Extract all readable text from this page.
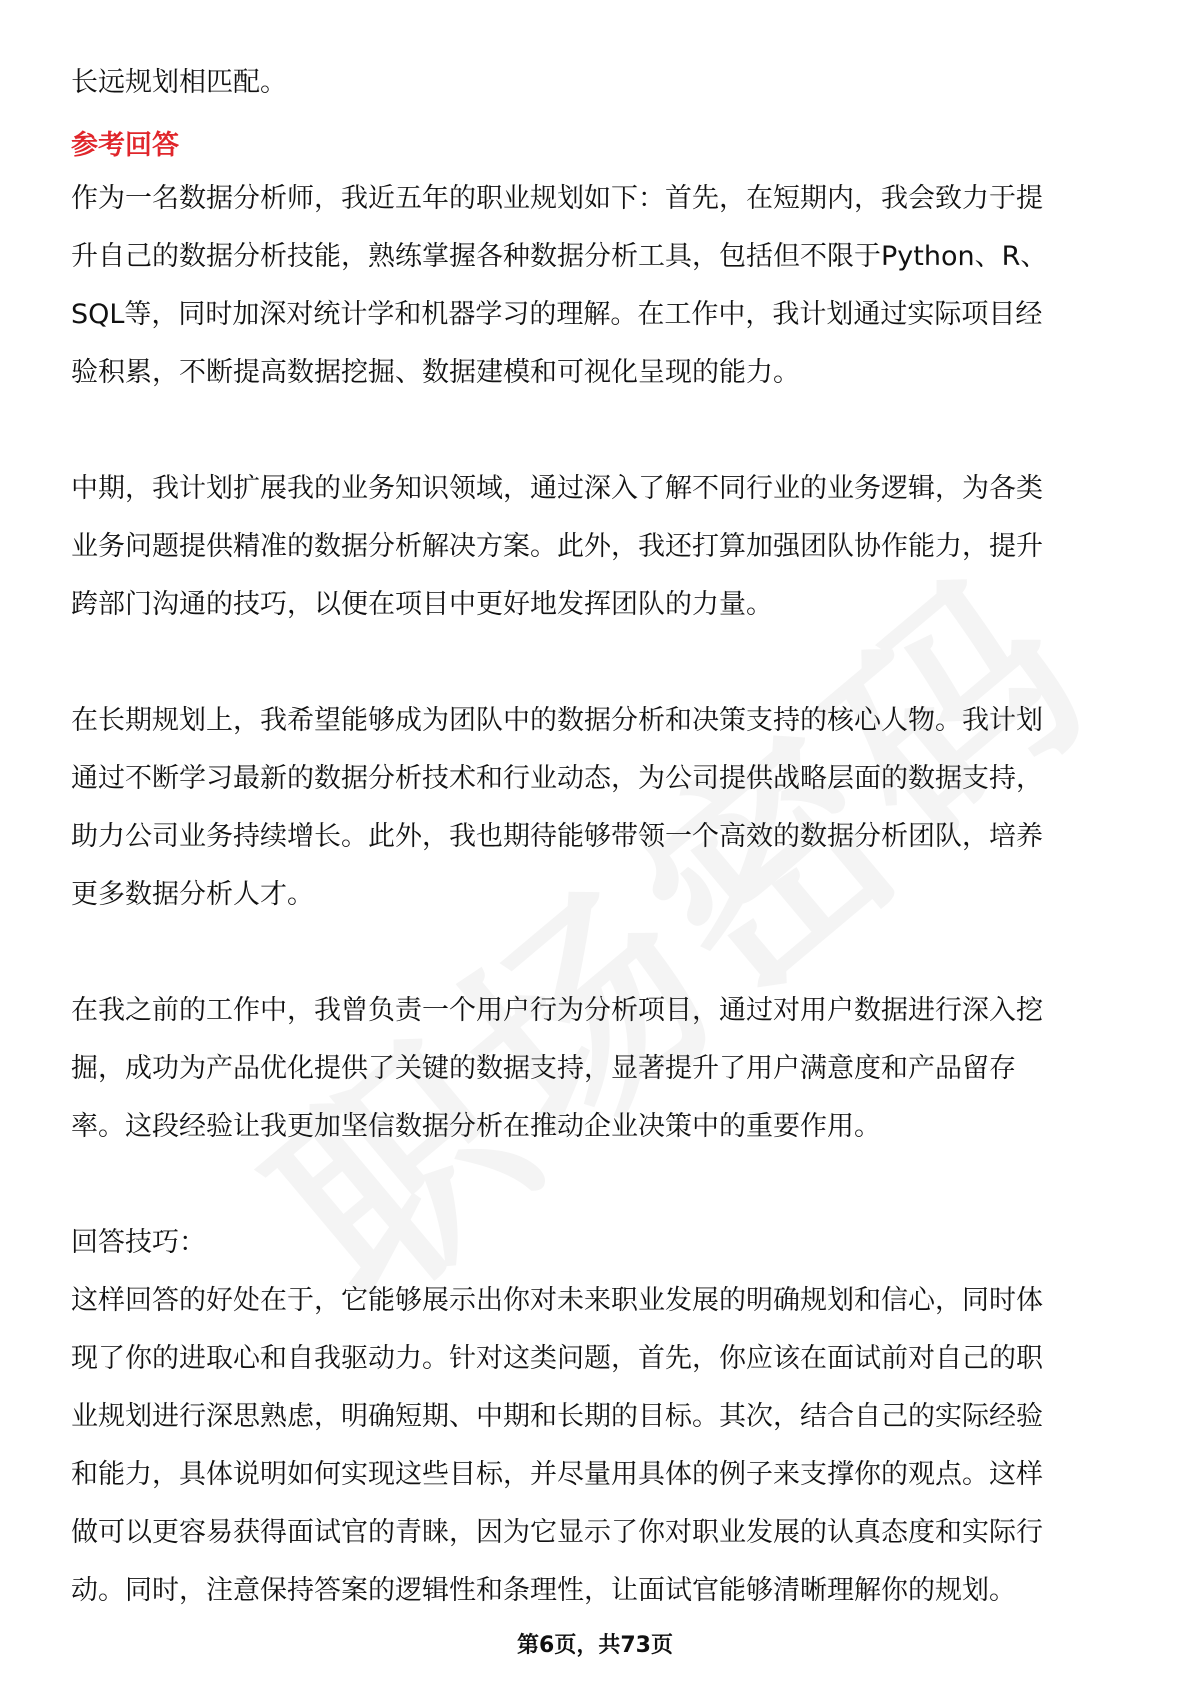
长远规划相匹配。
参考回答
作为一名数据分析师，我近五年的职业规划如下：首先，在短期内，我会致力于提
升自己的数据分析技能，熟练掌握各种数据分析工具，包括但不限于Python、R、
SQL等，同时加深对统计学和机器学习的理解。在工作中，我计划通过实际项目经
验积累，不断提高数据挖掘、数据建模和可视化呈现的能力。
中期，我计划扩展我的业务知识领域，通过深入了解不同行业的业务逻辑，为各类
业务问题提供精准的数据分析解决方案。此外，我还打算加强团队协作能力，提升
跨部门沟通的技巧，以便在项目中更好地发挥团队的力量。
在长期规划上，我希望能够成为团队中的数据分析和决策支持的核心人物。我计划
通过不断学习最新的数据分析技术和行业动态，为公司提供战略层面的数据支持，
助力公司业务持续增长。此外，我也期待能够带领一个高效的数据分析团队，培养
更多数据分析人才。
在我之前的工作中，我曾负责一个用户行为分析项目，通过对用户数据进行深入挖
掘，成功为产品优化提供了关键的数据支持，显著提升了用户满意度和产品留存
率。这段经验让我更加坚信数据分析在推动企业决策中的重要作用。
回答技巧：
这样回答的好处在于，它能够展示出你对未来职业发展的明确规划和信心，同时体
现了你的进取心和自我驱动力。针对这类问题，首先，你应该在面试前对自己的职
业规划进行深思熟虑，明确短期、中期和长期的目标。其次，结合自己的实际经验
和能力，具体说明如何实现这些目标，并尽量用具体的例子来支撑你的观点。这样
做可以更容易获得面试官的青睐，因为它显示了你对职业发展的认真态度和实际行
动。同时，注意保持答案的逻辑性和条理性，让面试官能够清晰理解你的规划。
第6页，共73页
